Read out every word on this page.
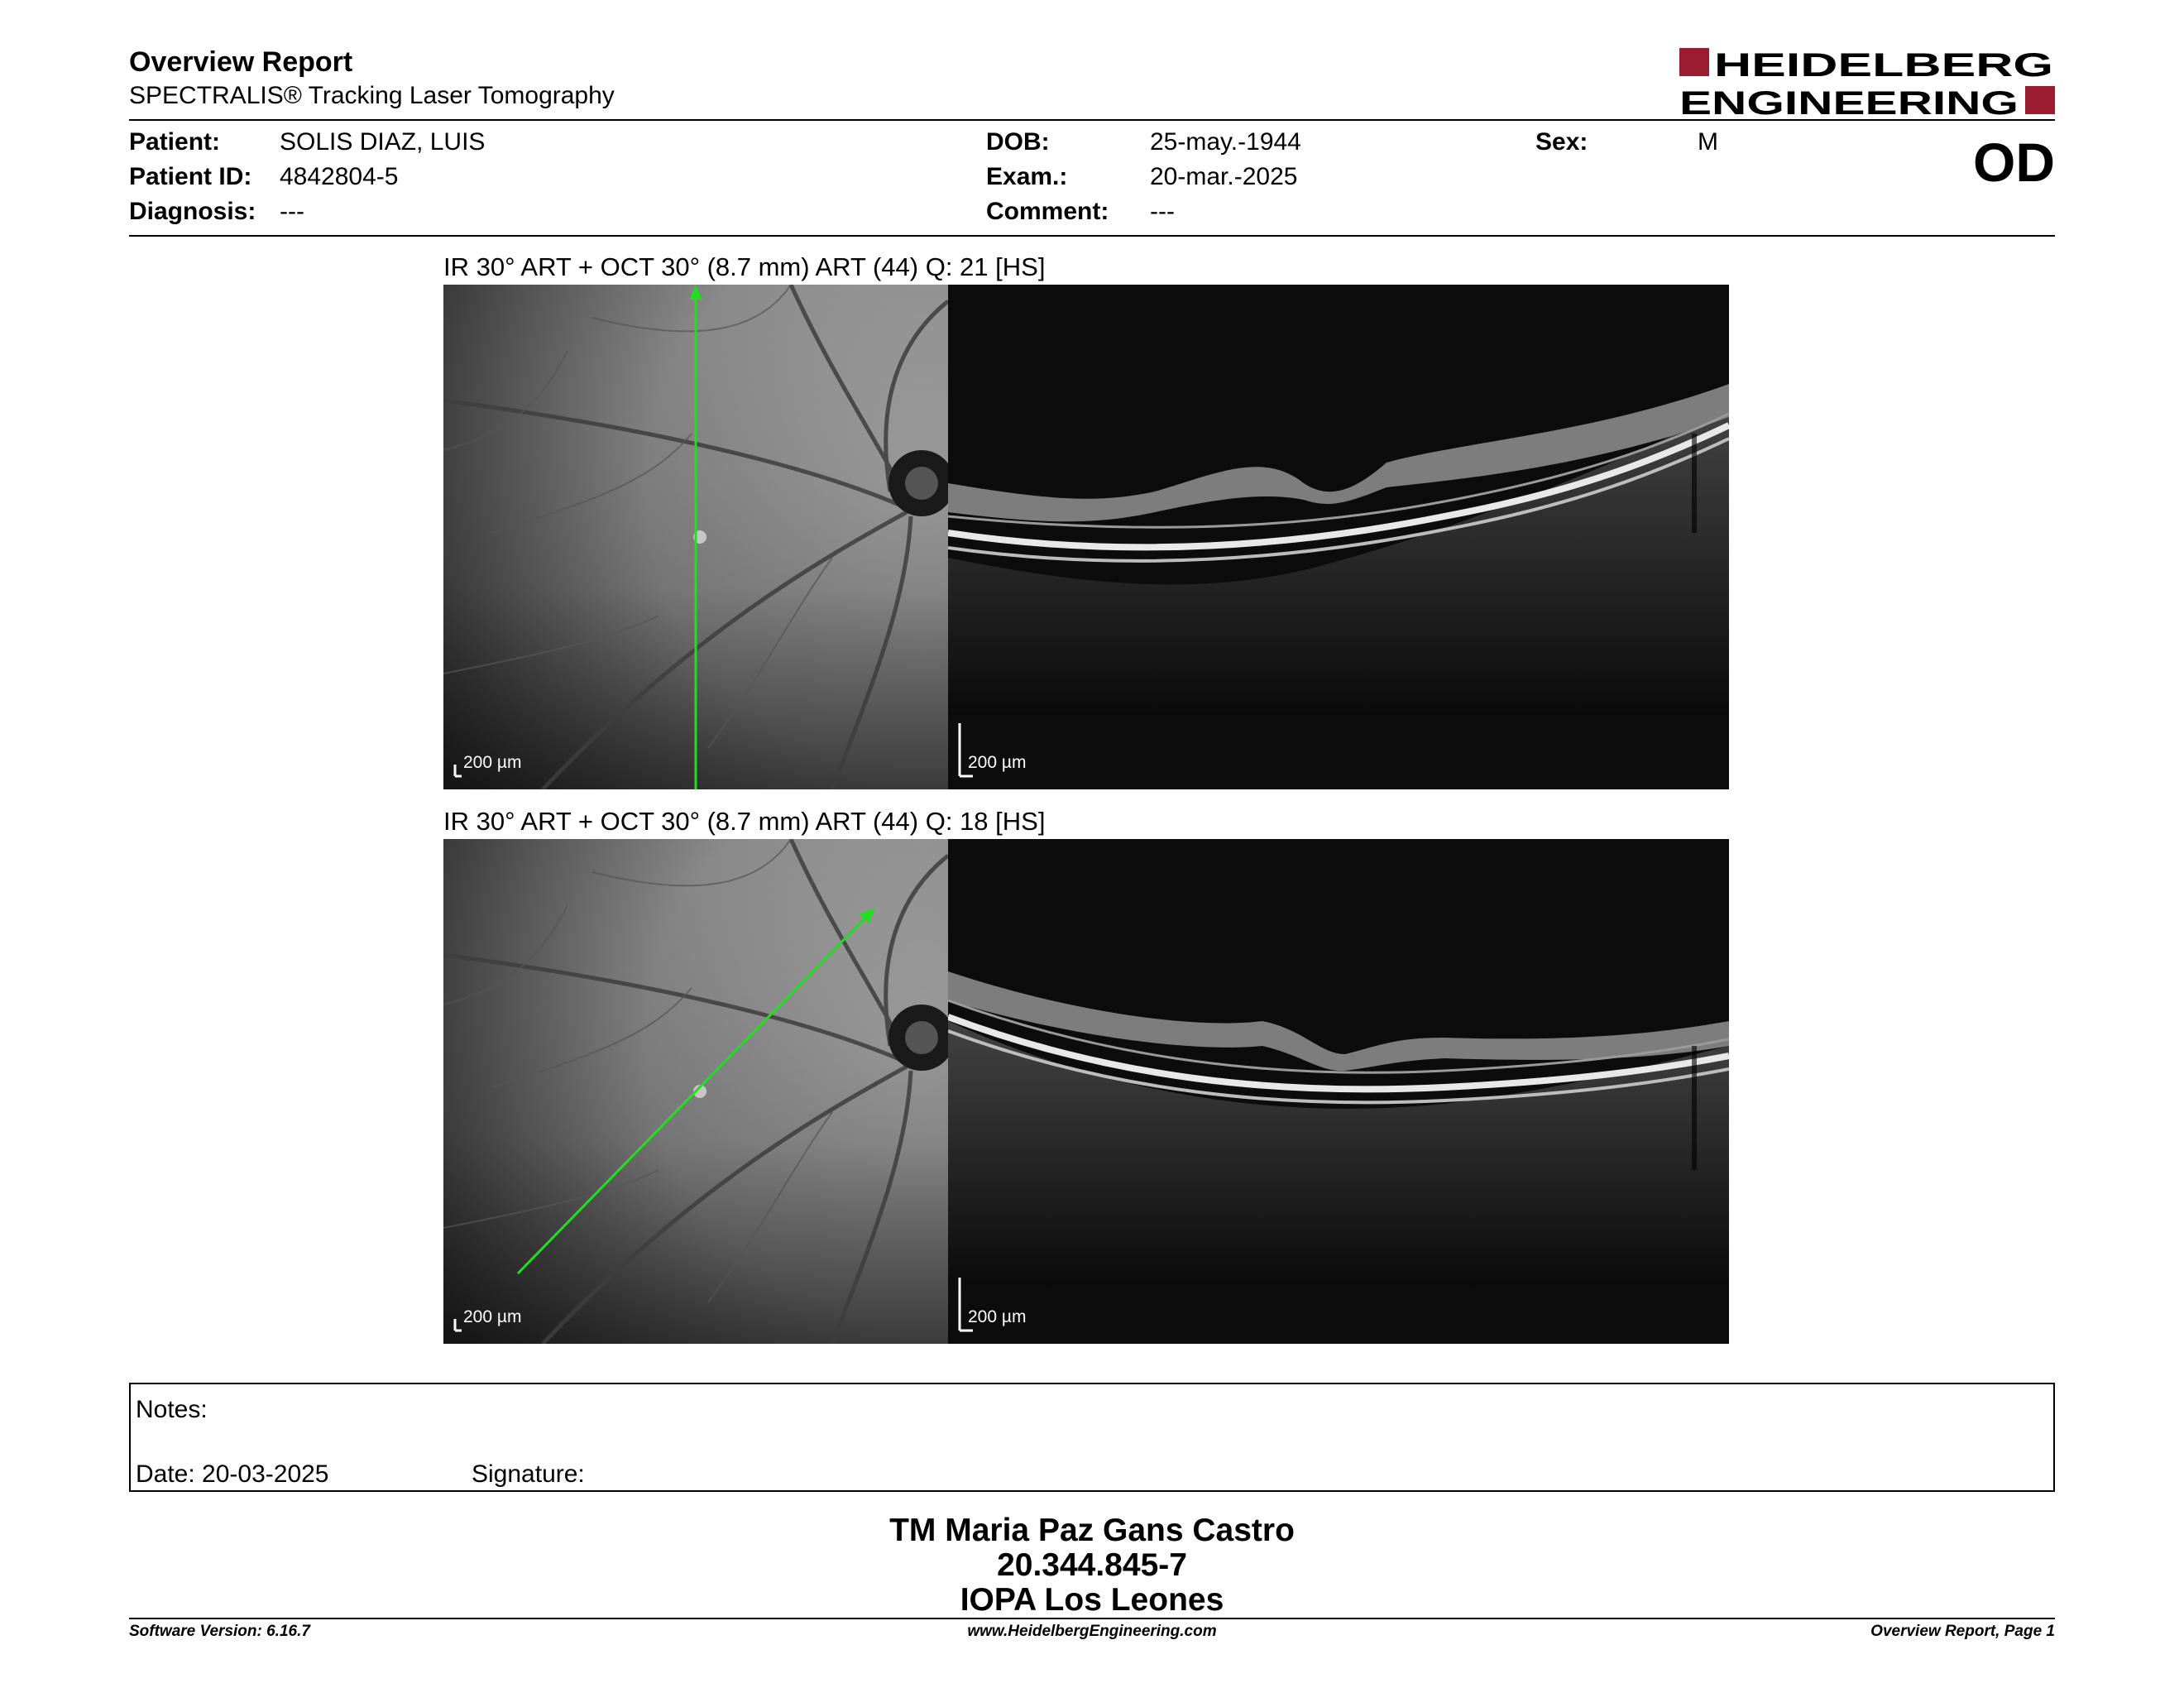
Overview Report
SPECTRALIS® Tracking Laser Tomography
HEIDELBERG
ENGINEERING
Patient: SOLIS DIAZ, LUIS
Patient ID: 4842804-5
Diagnosis: ---
DOB:	25-may.-1944
Exam.:	20-mar.-2025
Comment: ---
Sex:	M	OD
IR 30° ART + OCT 30° (8.7 mm) ART (44) Q: 21 [HS]
200 µm	200 µm
IR 30° ART + OCT 30° (8.7 mm) ART (44) Q: 18 [HS]
200 µm	200 µm
Notes:
Date: 20-03-2025	Signature:
TM Maria Paz Gans Castro
20.344.845-7
IOPA Los Leones
Software Version: 6.16.7	www.HeidelbergEngineering.com	Overview Report, Page 1
